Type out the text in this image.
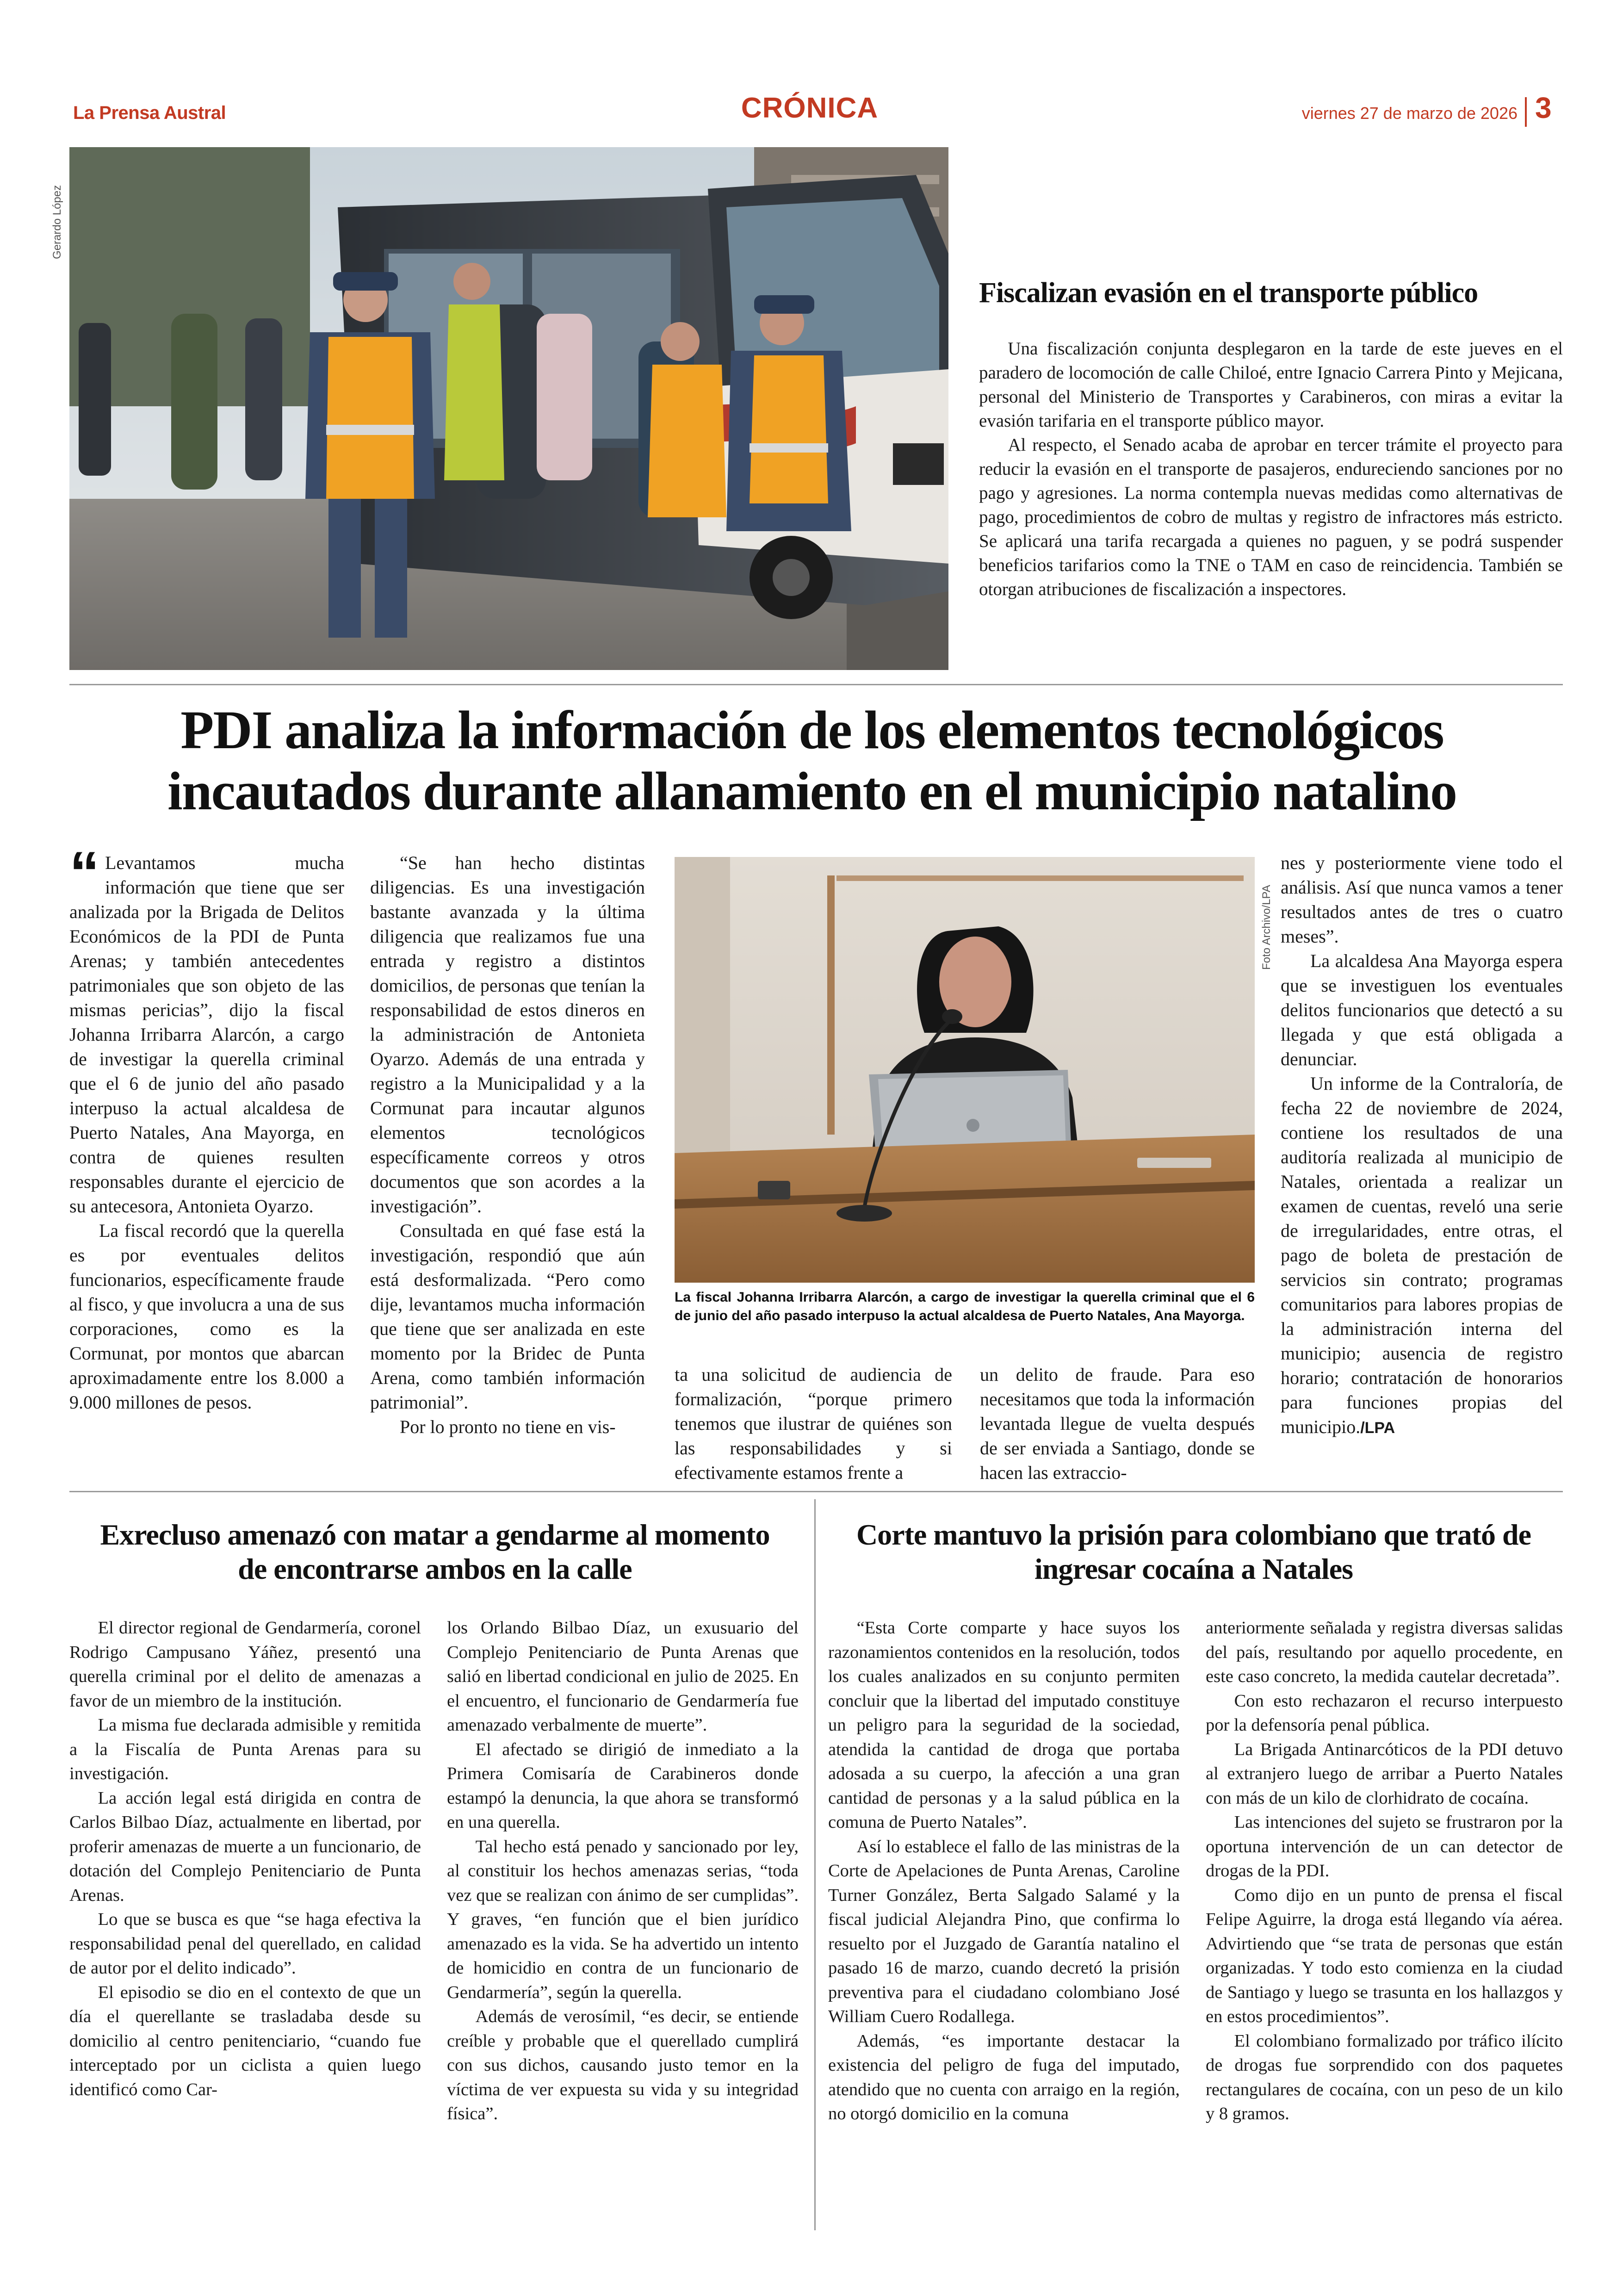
La Prensa Austral	CRÓNICA	viernes 27 de marzo de 2026 3
Gerardo López
Fiscalizan evasión en el transporte público

Una fiscalización conjunta desplegaron en la tarde de este jueves en el paradero de locomoción de calle Chiloé, entre Ignacio Carrera Pinto y Mejicana, personal del Ministerio de Transportes y Carabineros, con miras a evitar la evasión tarifaria en el transporte público mayor.

Al respecto, el Senado acaba de aprobar en tercer trámite el proyecto para reducir la evasión en el transporte de pasajeros, endureciendo sanciones por no pago y agresiones. La norma contempla nuevas medidas como alternativas de pago, procedimientos de cobro de multas y registro de infractores más estricto. Se aplicará una tarifa recargada a quienes no paguen, y se podrá suspender beneficios tarifarios como la TNE o TAM en caso de reincidencia. También se otorgan atribuciones de fiscalización a inspectores.

PDI analiza la información de los elementos tecnológicos incautados durante allanamiento en el municipio natalino
“ Levantamos mucha información que tiene que ser analizada por la Brigada de Delitos Económicos de la PDI de Punta Arenas; y también antecedentes patrimoniales que son objeto de las mismas pericias”, dijo la fiscal Johanna Irribarra Alarcón, a cargo de investigar la querella criminal que el 6 de junio del año pasado interpuso la actual alcaldesa de Puerto Natales, Ana Mayorga, en contra de quienes resulten responsables durante el ejercicio de su antecesora, Antonieta Oyarzo.

La fiscal recordó que la querella es por eventuales delitos funcionarios, específicamente fraude al fisco, y que involucra a una de sus corporaciones, como es la Cormunat, por montos que abarcan aproximadamente entre los 8.000 a 9.000 millones de pesos.

“Se han hecho distintas diligencias. Es una investigación bastante avanzada y la última diligencia que realizamos fue una entrada y registro a distintos domicilios, de personas que tenían la responsabilidad de estos dineros en la administración de Antonieta Oyarzo. Además de una entrada y registro a la Municipalidad y a la Cormunat para incautar algunos elementos tecnológicos específicamente correos y otros documentos que son acordes a la investigación”.

Consultada en qué fase está la investigación, respondió que aún está desformalizada. “Pero como dije, levantamos mucha información que tiene que ser analizada en este momento por la Bridec de Punta Arena, como también información patrimonial”.

Por lo pronto no tiene en vis-

Foto Archivo/LPA
La fiscal Johanna Irribarra Alarcón, a cargo de investigar la querella criminal que el 6 de junio del año pasado interpuso la actual alcaldesa de Puerto Natales, Ana Mayorga.

ta una solicitud de audiencia de formalización, “porque primero tenemos que ilustrar de quiénes son las responsabilidades y si efectivamente estamos frente a

un delito de fraude. Para eso necesitamos que toda la información levantada llegue de vuelta después de ser enviada a Santiago, donde se hacen las extraccio-

nes y posteriormente viene todo el análisis. Así que nunca vamos a tener resultados antes de tres o cuatro meses”.

La alcaldesa Ana Mayorga espera que se investiguen los eventuales delitos funcionarios que detectó a su llegada y que está obligada a denunciar.

Un informe de la Contraloría, de fecha 22 de noviembre de 2024, contiene los resultados de una auditoría realizada al municipio de Natales, orientada a realizar un examen de cuentas, reveló una serie de irregularidades, entre otras, el pago de boleta de prestación de servicios sin contrato; programas comunitarios para labores propias de la administración interna del municipio; ausencia de registro horario; contratación de honorarios para funciones propias del municipio./LPA

Exrecluso amenazó con matar a gendarme al momento de encontrarse ambos en la calle

El director regional de Gendarmería, coronel Rodrigo Campusano Yáñez, presentó una querella criminal por el delito de amenazas a favor de un miembro de la institución.

La misma fue declarada admisible y remitida a la Fiscalía de Punta Arenas para su investigación.

La acción legal está dirigida en contra de Carlos Bilbao Díaz, actualmente en libertad, por proferir amenazas de muerte a un funcionario, de dotación del Complejo Penitenciario de Punta Arenas.

Lo que se busca es que “se haga efectiva la responsabilidad penal del querellado, en calidad de autor por el delito indicado”.

El episodio se dio en el contexto de que un día el querellante se trasladaba desde su domicilio al centro penitenciario, “cuando fue interceptado por un ciclista a quien luego identificó como Car-

los Orlando Bilbao Díaz, un exusuario del Complejo Penitenciario de Punta Arenas que salió en libertad condicional en julio de 2025. En el encuentro, el funcionario de Gendarmería fue amenazado verbalmente de muerte”.

El afectado se dirigió de inmediato a la Primera Comisaría de Carabineros donde estampó la denuncia, la que ahora se transformó en una querella.

Tal hecho está penado y sancionado por ley, al constituir los hechos amenazas serias, “toda vez que se realizan con ánimo de ser cumplidas”. Y graves, “en función que el bien jurídico amenazado es la vida. Se ha advertido un intento de homicidio en contra de un funcionario de Gendarmería”, según la querella.

Además de verosímil, “es decir, se entiende creíble y probable que el querellado cumplirá con sus dichos, causando justo temor en la víctima de ver expuesta su vida y su integridad física”.

Corte mantuvo la prisión para colombiano que trató de ingresar cocaína a Natales

“Esta Corte comparte y hace suyos los razonamientos contenidos en la resolución, todos los cuales analizados en su conjunto permiten concluir que la libertad del imputado constituye un peligro para la seguridad de la sociedad, atendida la cantidad de droga que portaba adosada a su cuerpo, la afección a una gran cantidad de personas y a la salud pública en la comuna de Puerto Natales”.

Así lo establece el fallo de las ministras de la Corte de Apelaciones de Punta Arenas, Caroline Turner González, Berta Salgado Salamé y la fiscal judicial Alejandra Pino, que confirma lo resuelto por el Juzgado de Garantía natalino el pasado 16 de marzo, cuando decretó la prisión preventiva para el ciudadano colombiano José William Cuero Rodallega.

Además, “es importante destacar la existencia del peligro de fuga del imputado, atendido que no cuenta con arraigo en la región, no otorgó domicilio en la comuna

anteriormente señalada y registra diversas salidas del país, resultando por aquello procedente, en este caso concreto, la medida cautelar decretada”.

Con esto rechazaron el recurso interpuesto por la defensoría penal pública.

La Brigada Antinarcóticos de la PDI detuvo al extranjero luego de arribar a Puerto Natales con más de un kilo de clorhidrato de cocaína.

Las intenciones del sujeto se frustraron por la oportuna intervención de un can detector de drogas de la PDI.

Como dijo en un punto de prensa el fiscal Felipe Aguirre, la droga está llegando vía aérea. Advirtiendo que “se trata de personas que están organizadas. Y todo esto comienza en la ciudad de Santiago y luego se trasunta en los hallazgos y en estos procedimientos”.

El colombiano formalizado por tráfico ilícito de drogas fue sorprendido con dos paquetes rectangulares de cocaína, con un peso de un kilo y 8 gramos.
